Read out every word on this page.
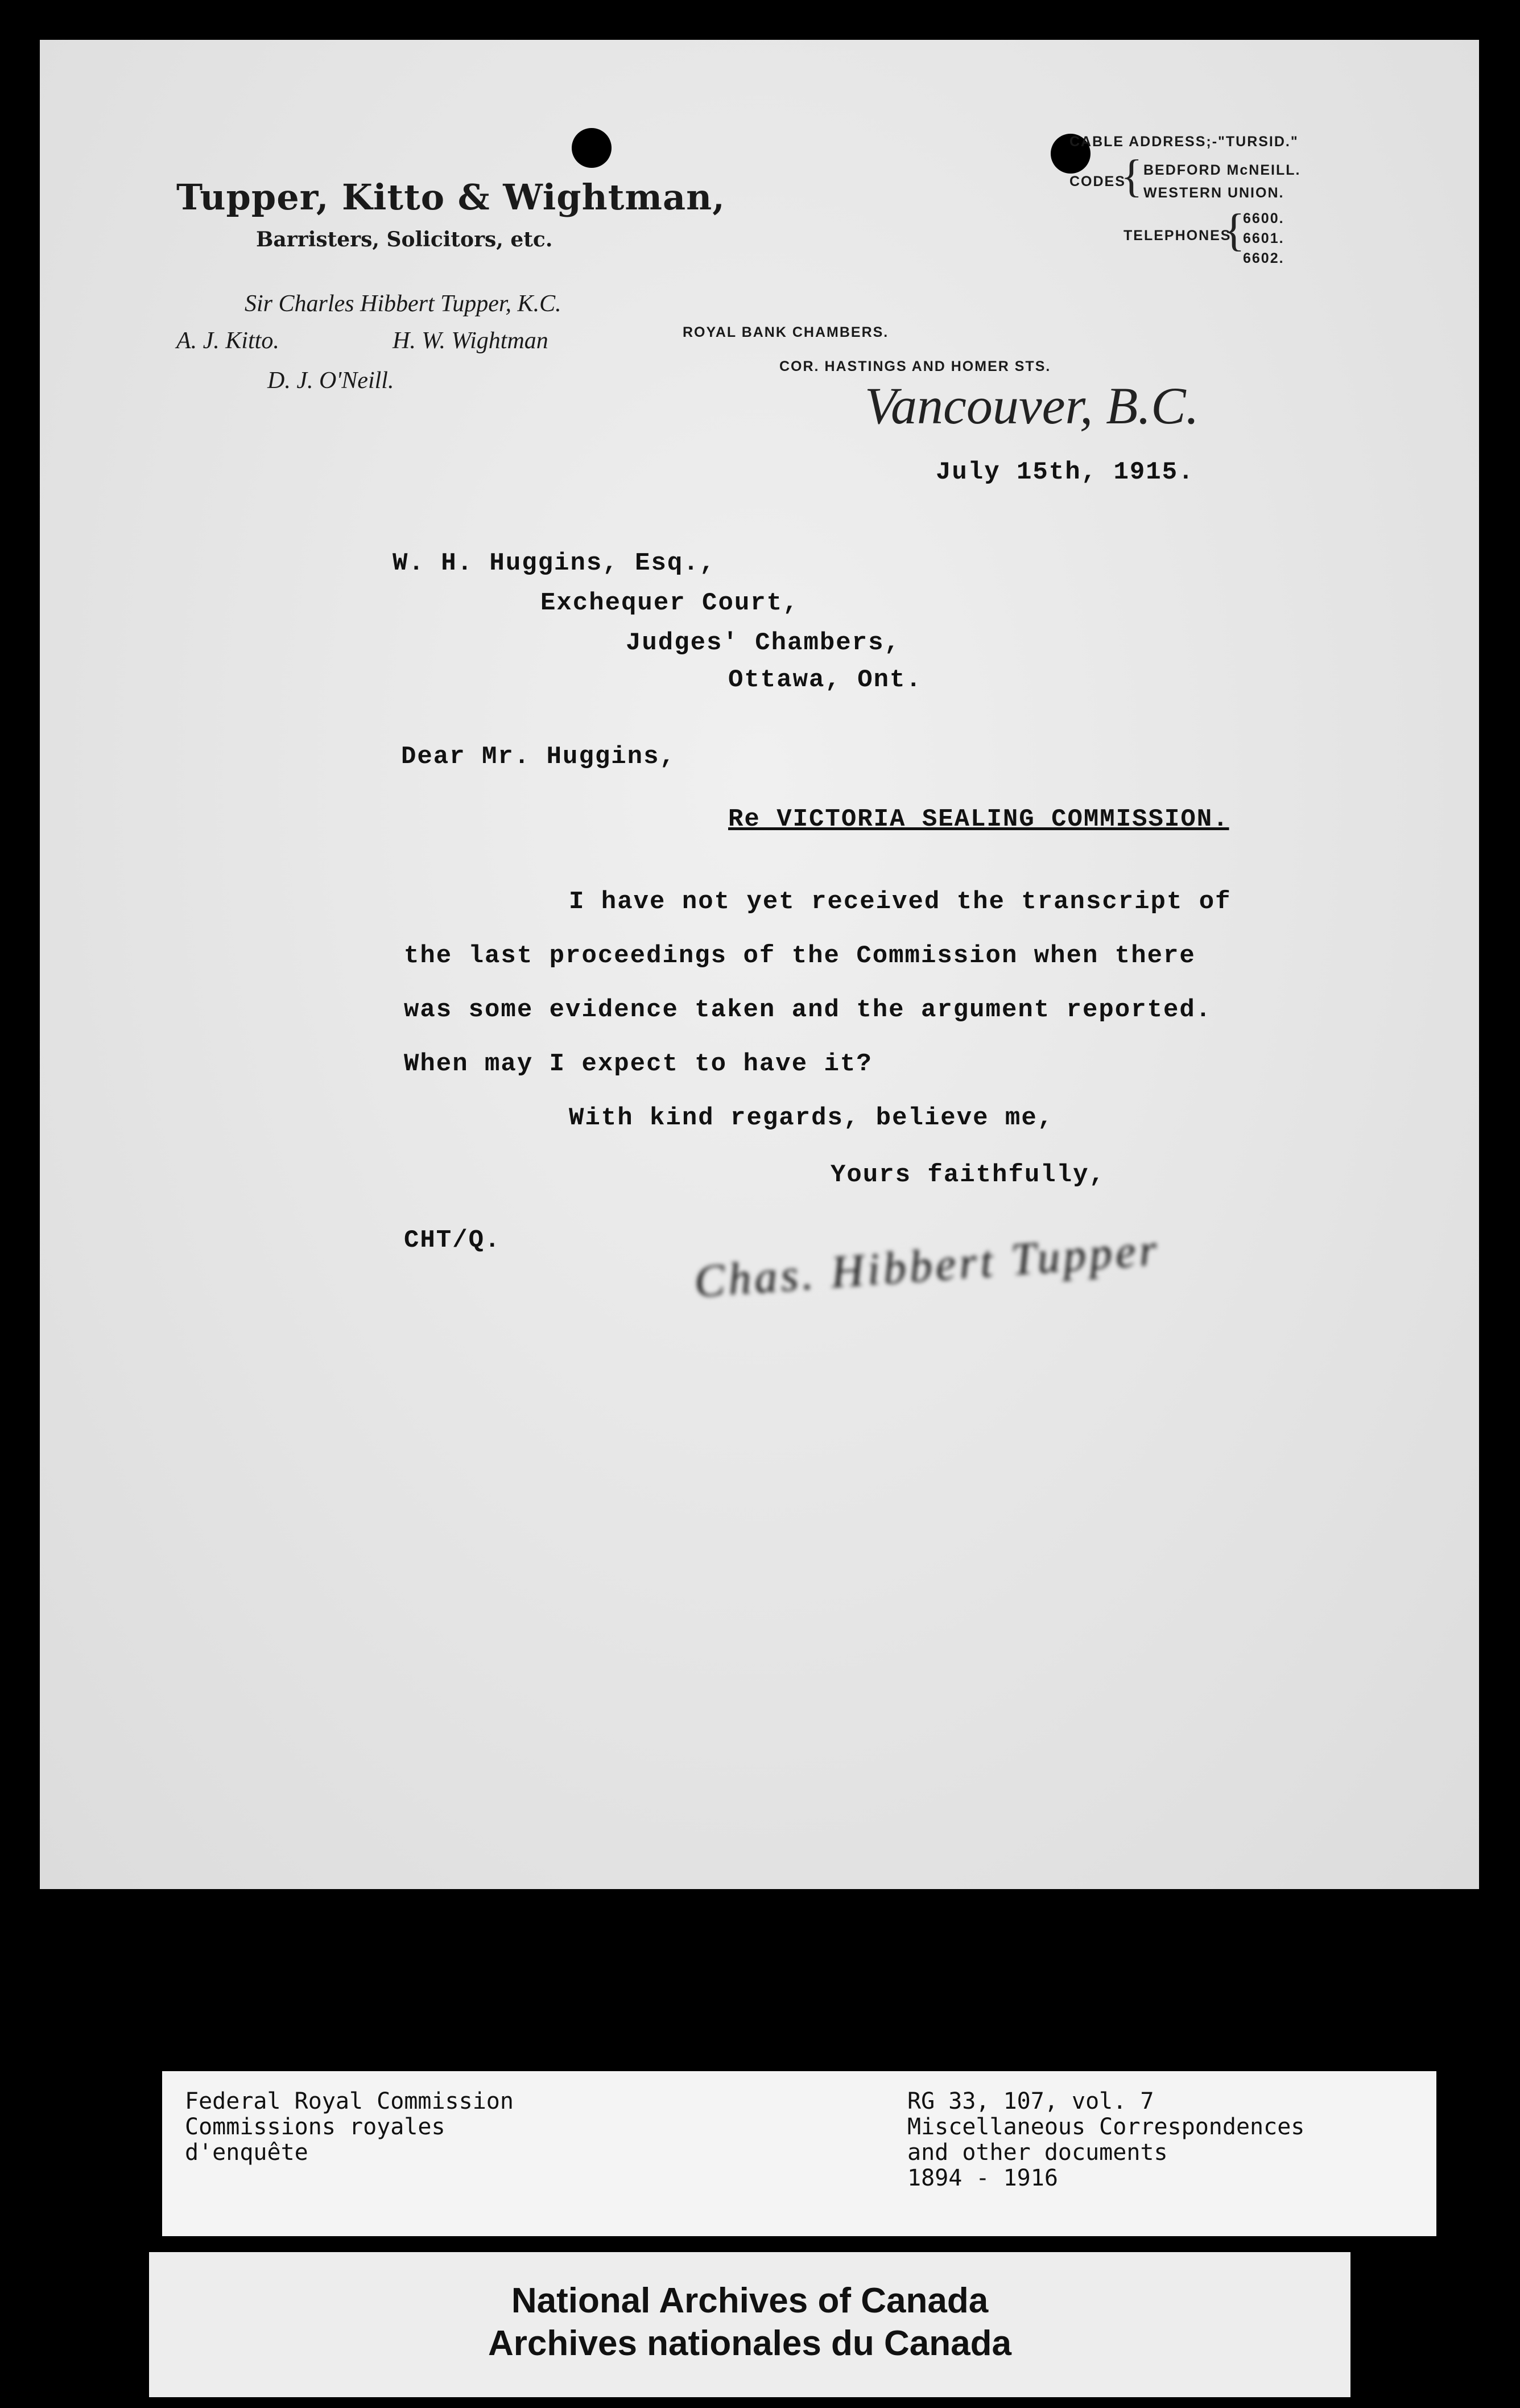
Tupper, Kitto & Wightman,
Barristers, Solicitors, etc.
Sir Charles Hibbert Tupper, K.C.
A. J. Kitto.	H. W. Wightman
D. J. O'Neill.
ROYAL BANK CHAMBERS.
COR. HASTINGS AND HOMER STS.
Vancouver, B.C.
CABLE ADDRESS;-"TURSID."
CODES
{ BEDFORD McNEILL.
WESTERN UNION.
TELEPHONES
{
6600.
6601.
6602.
July 15th, 1915.
W. H. Huggins, Esq.,
Exchequer Court,
Judges' Chambers,
Ottawa, Ont.
Dear Mr. Huggins,
Re VICTORIA SEALING COMMISSION.
I have not yet received the transcript of
the last proceedings of the Commission when there
was some evidence taken and the argument reported.
When may I expect to have it?
With kind regards, believe me,
Yours faithfully,
CHT/Q.	Chas. Hibbert Tupper
Federal Royal Commission
Commissions royales
d'enquête
RG 33, 107, vol. 7
Miscellaneous Correspondences
and other documents
1894 - 1916
National Archives of Canada
Archives nationales du Canada
